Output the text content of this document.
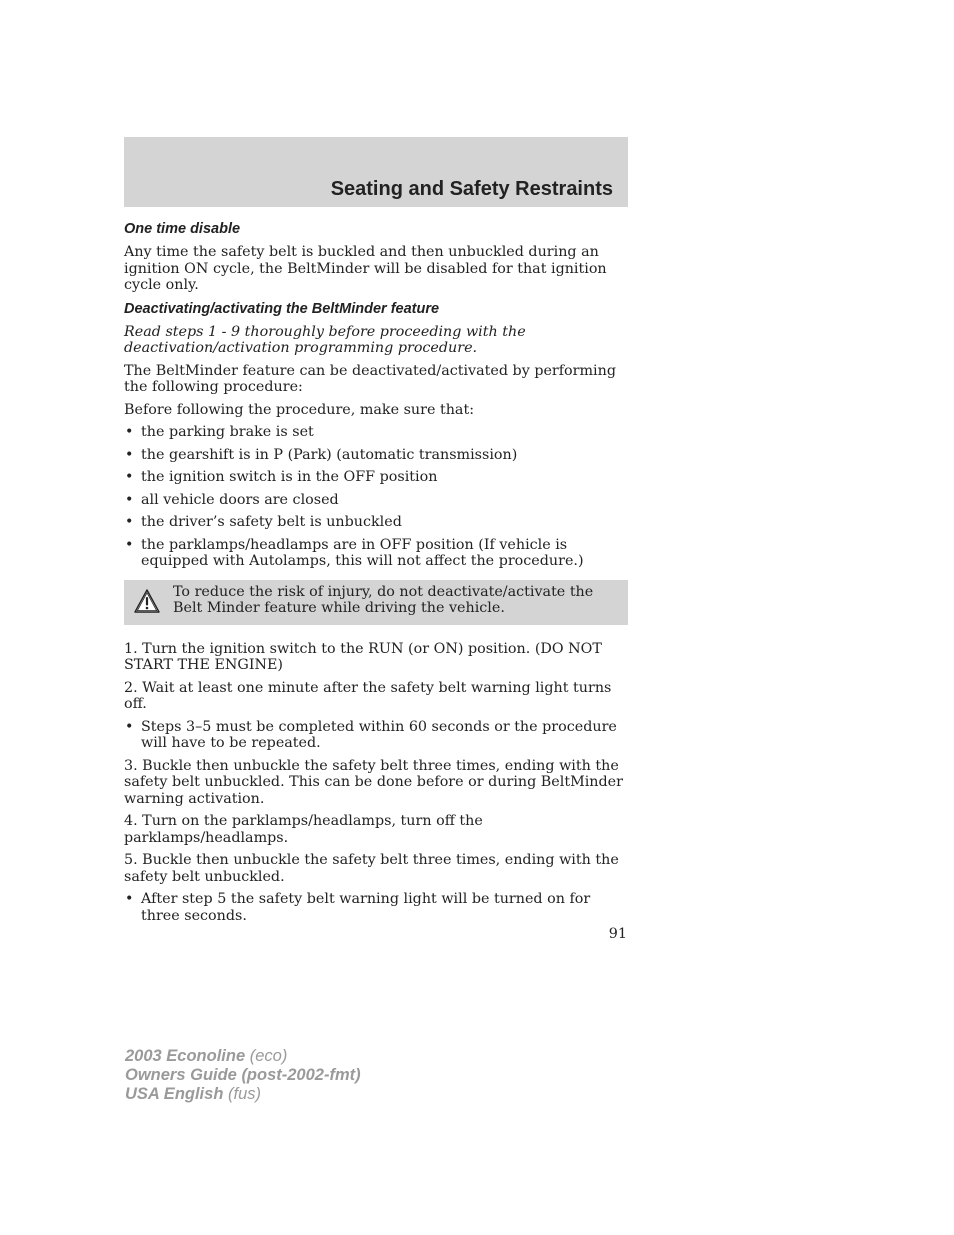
Seating and Safety Restraints
One time disable

Any time the safety belt is buckled and then unbuckled during an ignition ON cycle, the BeltMinder will be disabled for that ignition cycle only.

Deactivating/activating the BeltMinder feature

Read steps 1 - 9 thoroughly before proceeding with the deactivation/activation programming procedure.

The BeltMinder feature can be deactivated/activated by performing the following procedure:

Before following the procedure, make sure that:

• the parking brake is set
• the gearshift is in P (Park) (automatic transmission)
• the ignition switch is in the OFF position
• all vehicle doors are closed
• the driver’s safety belt is unbuckled
• the parklamps/headlamps are in OFF position (If vehicle is equipped with Autolamps, this will not affect the procedure.)
To reduce the risk of injury, do not deactivate/activate the Belt Minder feature while driving the vehicle.

1. Turn the ignition switch to the RUN (or ON) position. (DO NOT START THE ENGINE)

2. Wait at least one minute after the safety belt warning light turns off.

• Steps 3–5 must be completed within 60 seconds or the procedure will have to be repeated.

3. Buckle then unbuckle the safety belt three times, ending with the safety belt unbuckled. This can be done before or during BeltMinder warning activation.

4. Turn on the parklamps/headlamps, turn off the parklamps/headlamps.

5. Buckle then unbuckle the safety belt three times, ending with the safety belt unbuckled.

• After step 5 the safety belt warning light will be turned on for three seconds.
91
2003 Econoline (eco)
Owners Guide (post-2002-fmt)
USA English (fus)
